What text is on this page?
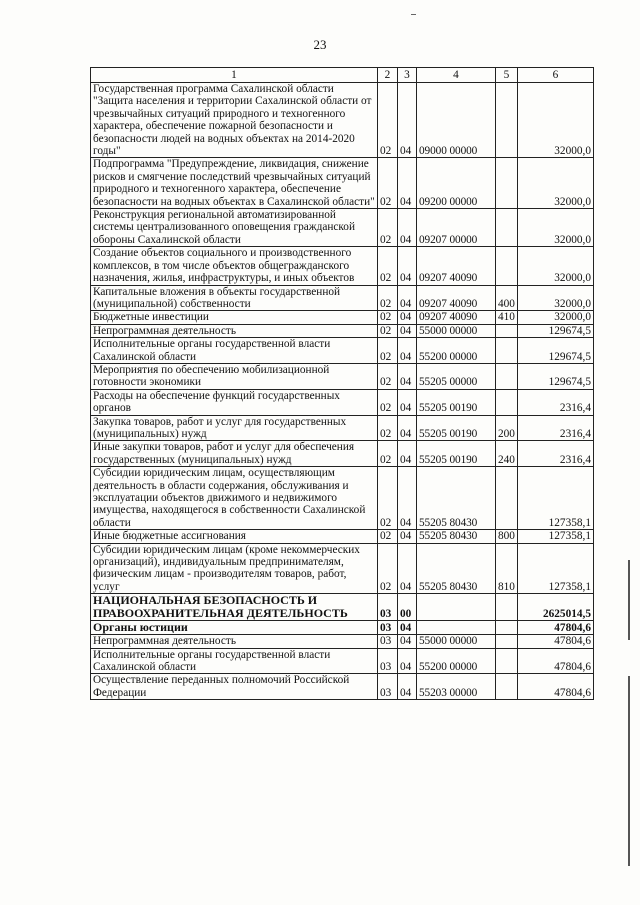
23
1	2	3	4	5	6
Государственная программа Сахалинской области "Защита населения и территории Сахалинской области от чрезвычайных ситуаций природного и техногенного характера, обеспечение пожарной безопасности и безопасности людей на водных объектах на 2014-2020 годы"	02	04	09000 00000		32000,0
Подпрограмма "Предупреждение, ликвидация, снижение рисков и смягчение последствий чрезвычайных ситуаций природного и техногенного характера, обеспечение безопасности на водных объектах в Сахалинской области"	02	04	09200 00000		32000,0
Реконструкция региональной автоматизированной системы централизованного оповещения гражданской обороны Сахалинской области	02	04	09207 00000		32000,0
Создание объектов социального и производственного комплексов, в том числе объектов общегражданского назначения, жилья, инфраструктуры, и иных объектов	02	04	09207 40090		32000,0
Капитальные вложения в объекты государственной (муниципальной) собственности	02	04	09207 40090	400	32000,0
Бюджетные инвестиции	02	04	09207 40090	410	32000,0
Непрограммная деятельность	02	04	55000 00000		129674,5
Исполнительные органы государственной власти Сахалинской области	02	04	55200 00000		129674,5
Мероприятия по обеспечению мобилизационной готовности экономики	02	04	55205 00000		129674,5
Расходы на обеспечение функций государственных органов	02	04	55205 00190		2316,4
Закупка товаров, работ и услуг для государственных (муниципальных) нужд	02	04	55205 00190	200	2316,4
Иные закупки товаров, работ и услуг для обеспечения государственных (муниципальных) нужд	02	04	55205 00190	240	2316,4
Субсидии юридическим лицам, осуществляющим деятельность в области содержания, обслуживания и эксплуатации объектов движимого и недвижимого имущества, находящегося в собственности Сахалинской области	02	04	55205 80430		127358,1
Иные бюджетные ассигнования	02	04	55205 80430	800	127358,1
Субсидии юридическим лицам (кроме некоммерческих организаций), индивидуальным предпринимателям, физическим лицам - производителям товаров, работ, услуг	02	04	55205 80430	810	127358,1
НАЦИОНАЛЬНАЯ БЕЗОПАСНОСТЬ И ПРАВООХРАНИТЕЛЬНАЯ ДЕЯТЕЛЬНОСТЬ	03	00			2625014,5
Органы юстиции	03	04			47804,6
Непрограммная деятельность	03	04	55000 00000		47804,6
Исполнительные органы государственной власти Сахалинской области	03	04	55200 00000		47804,6
Осуществление переданных полномочий Российской Федерации	03	04	55203 00000		47804,6
